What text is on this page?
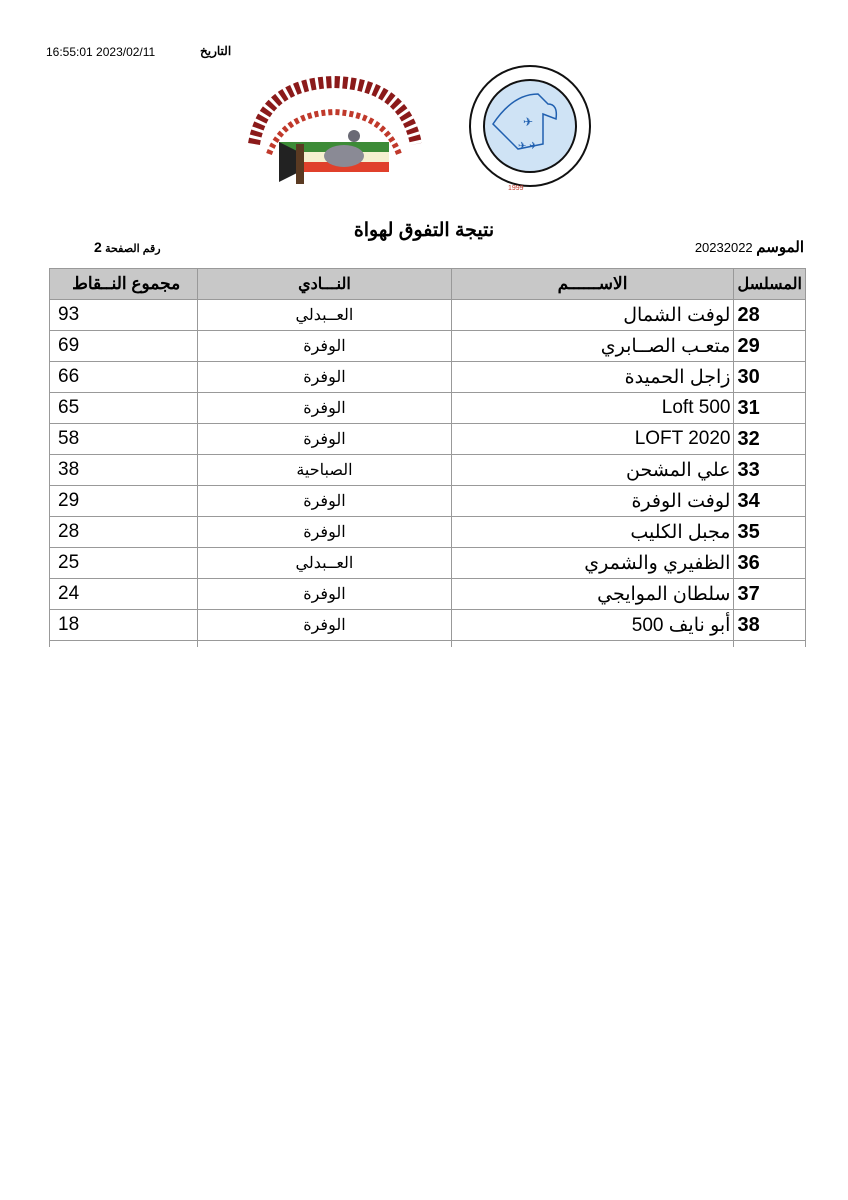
التاريخ
16:55:01 2023/02/11
✈
✈ ✈
1999
نتيجة التفوق لهواة
الموسم 20232022
رقم الصفحة 2
المسلسل	الاســــــم	النـــادي	مجموع النــقاط
28	لوفت الشمال	العــبدلي	93
29	متعـب الصــابري	الوفرة	69
30	زاجل الحميدة	الوفرة	66
31	Loft 500	الوفرة	65
32	LOFT 2020	الوفرة	58
33	علي المشحن	الصباحية	38
34	لوفت الوفرة	الوفرة	29
35	مجبل الكليب	الوفرة	28
36	الظفيري والشمري	العــبدلي	25
37	سلطان الموايجي	الوفرة	24
38	أبو نايف 500	الوفرة	18
